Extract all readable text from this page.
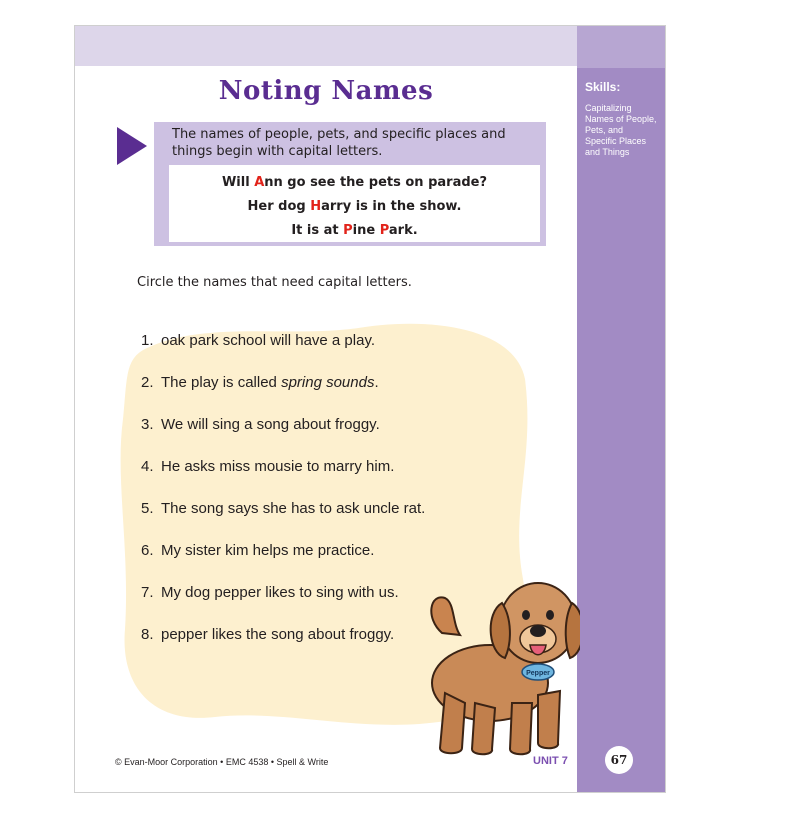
Skills:
Capitalizing Names of People, Pets, and Specific Places and Things
Noting Names
The names of people, pets, and specific places and things begin with capital letters.
Will Ann go see the pets on parade?
Her dog Harry is in the show.
It is at Pine Park.
Circle the names that need capital letters.
1. oak park school will have a play.
2. The play is called spring sounds.
3. We will sing a song about froggy.
4. He asks miss mousie to marry him.
5. The song says she has to ask uncle rat.
6. My sister kim helps me practice.
7. My dog pepper likes to sing with us.
8. pepper likes the song about froggy.
Pepper
© Evan-Moor Corporation • EMC 4538 • Spell & Write	UNIT 7	67
